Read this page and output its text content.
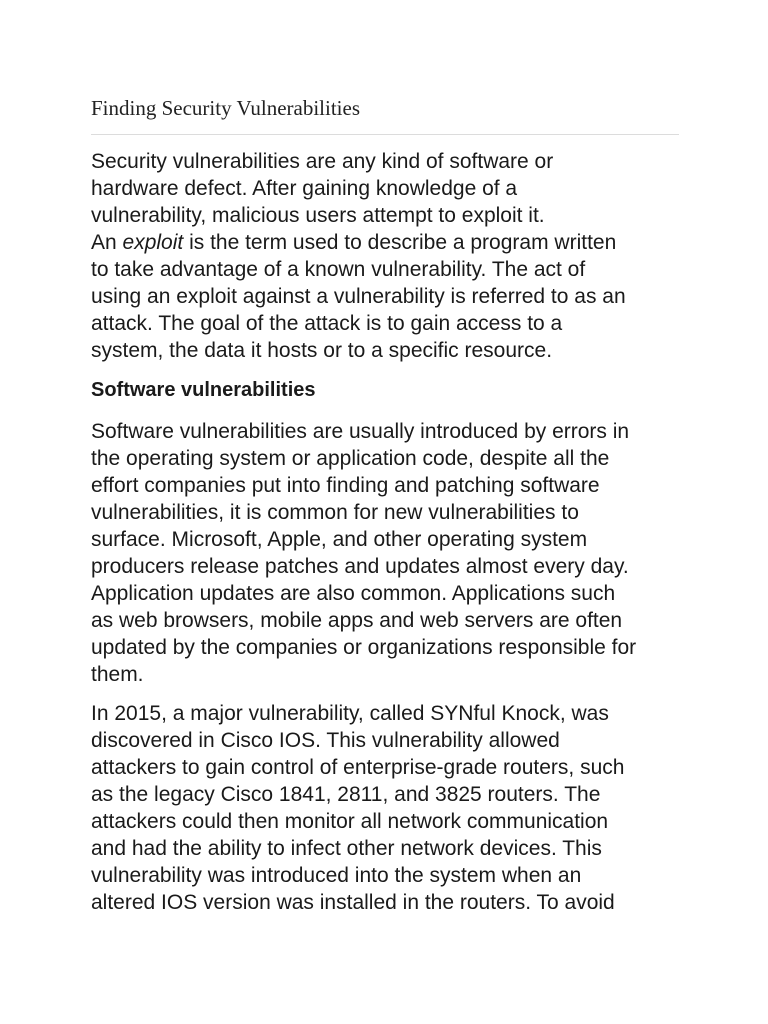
Finding Security Vulnerabilities

Security vulnerabilities are any kind of software or
hardware defect. After gaining knowledge of a
vulnerability, malicious users attempt to exploit it.
An exploit is the term used to describe a program written
to take advantage of a known vulnerability. The act of
using an exploit against a vulnerability is referred to as an
attack. The goal of the attack is to gain access to a
system, the data it hosts or to a specific resource.

Software vulnerabilities

Software vulnerabilities are usually introduced by errors in
the operating system or application code, despite all the
effort companies put into finding and patching software
vulnerabilities, it is common for new vulnerabilities to
surface. Microsoft, Apple, and other operating system
producers release patches and updates almost every day.
Application updates are also common. Applications such
as web browsers, mobile apps and web servers are often
updated by the companies or organizations responsible for
them.

In 2015, a major vulnerability, called SYNful Knock, was
discovered in Cisco IOS. This vulnerability allowed
attackers to gain control of enterprise-grade routers, such
as the legacy Cisco 1841, 2811, and 3825 routers. The
attackers could then monitor all network communication
and had the ability to infect other network devices. This
vulnerability was introduced into the system when an
altered IOS version was installed in the routers. To avoid
